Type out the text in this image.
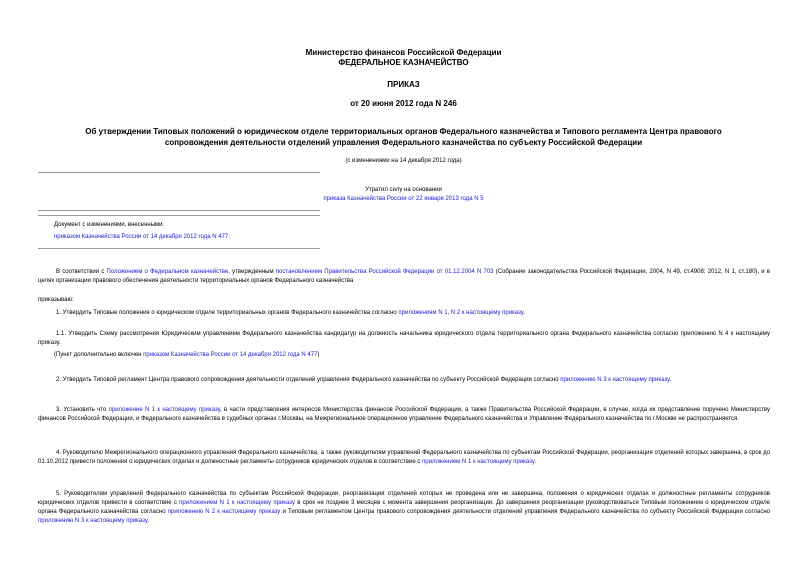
Министерство финансов Российской Федерации
ФЕДЕРАЛЬНОЕ КАЗНАЧЕЙСТВО
ПРИКАЗ
от 20 июня 2012 года N 246
Об утверждении Типовых положений о юридическом отделе территориальных органов Федерального казначейства и Типового регламента Центра правового
сопровождения деятельности отделений управления Федерального казначейства по субъекту Российской Федерации
(с изменениями на 14 декабря 2012 года)
Утратил силу на основании
приказа Казначейства России от 22 января 2013 года N 5
Документ с изменениями, внесенными:
приказом Казначейства России от 14 декабря 2012 года N 477.
В соответствии с Положением о Федеральном казначействе, утвержденным постановлением Правительства Российской Федерации от 01.12.2004 N 703 (Собрание законодательства Российской Федерации, 2004, N 49, ст.4908; 2012, N 1, ст.180), и в целях организации правового обеспечения деятельности территориальных органов Федерального казначейства
приказываю:
1. Утвердить Типовые положения о юридическом отделе территориальных органов Федерального казначейства согласно приложениям N 1, N 2 к настоящему приказу.
1.1. Утвердить Схему рассмотрения Юридическим управлением Федерального казначейства кандидатур на должность начальника юридического отдела территориального органа Федерального казначейства согласно приложению N 4 к настоящему приказу.
(Пункт дополнительно включен приказом Казначейства России от 14 декабря 2012 года N 477)
2. Утвердить Типовой регламент Центра правового сопровождения деятельности отделений управления Федерального казначейства по субъекту Российской Федерации согласно приложению N 3 к настоящему приказу.
3. Установить что приложение N 1 к настоящему приказу, в части представления интересов Министерства финансов Российской Федерации, а также Правительства Российской Федерации, в случае, когда их представление поручено Министерству финансов Российской Федерации, и Федерального казначейства в судебных органах г.Москвы, на Межрегиональное операционное управление Федерального казначейства и Управление Федерального казначейства по г.Москве не распространяется.
4. Руководителю Межрегионального операционного управления Федерального казначейства, а также руководителям управлений Федерального казначейства по субъектам Российской Федерации, реорганизация отделений которых завершена, в срок до 01.10.2012 привести положения о юридических отделах и должностные регламенты сотрудников юридических отделов в соответствие с приложением N 1 к настоящему приказу.
5. Руководителям управлений Федерального казначейства по субъектам Российской Федерации, реорганизация отделений которых не проведена или не завершена, положения о юридических отделах и должностные регламенты сотрудников юридических отделов привести в соответствие с приложением N 1 к настоящему приказу в срок не позднее 3 месяцев с момента завершения реорганизации. До завершения реорганизации руководствоваться Типовым положением о юридическом отделе органа Федерального казначейства согласно приложению N 2 к настоящему приказу и Типовым регламентом Центра правового сопровождения деятельности отделений управления Федерального казначейства по субъекту Российской Федерации согласно приложению N 3 к настоящему приказу.
